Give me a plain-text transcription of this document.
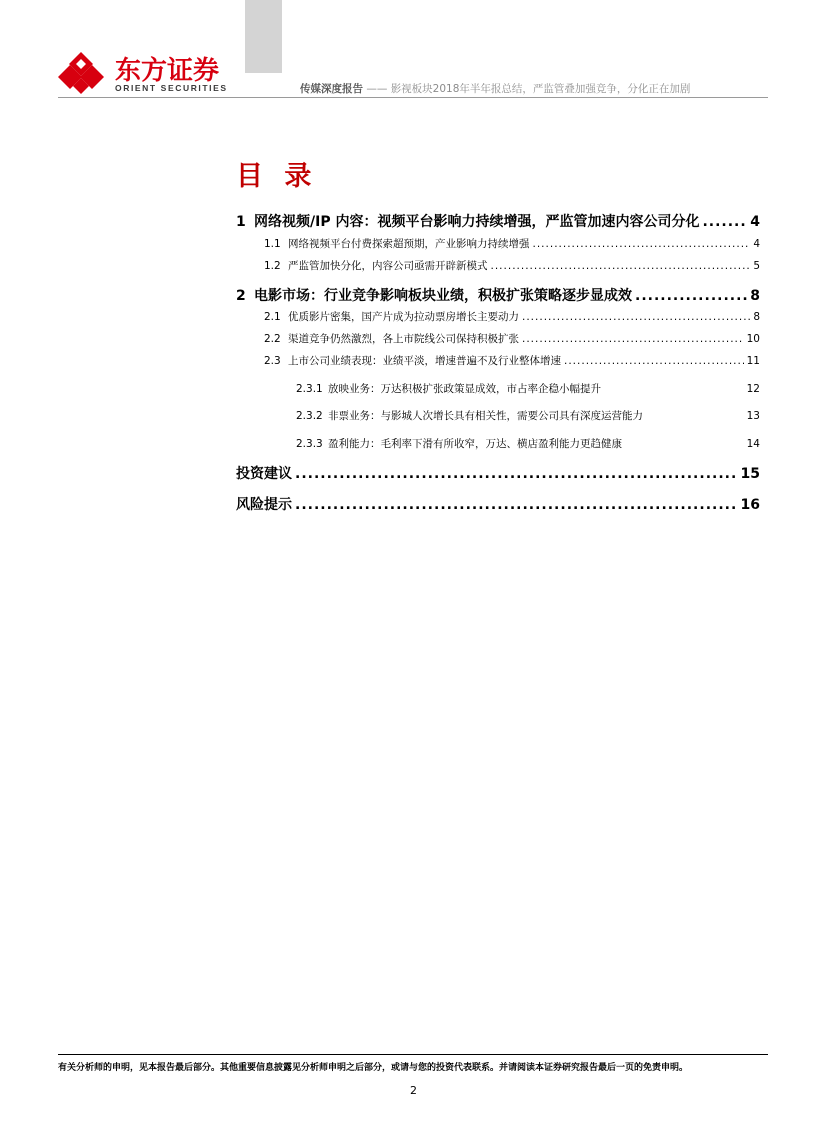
东方证券
ORIENT SECURITIES	传媒深度报告 —— 影视板块2018年半年报总结，严监管叠加强竞争，分化正在加剧
目 录
1 网络视频/IP 内容：视频平台影响力持续增强，严监管加速内容公司分化 .....	4
1.1 网络视频平台付费探索超预期，产业影响力持续增强 .....	4
1.2 严监管加快分化，内容公司亟需开辟新模式 .....	5
2 电影市场：行业竞争影响板块业绩，积极扩张策略逐步显成效 .....	8
2.1 优质影片密集，国产片成为拉动票房增长主要动力 .....	8
2.2 渠道竞争仍然激烈，各上市院线公司保持积极扩张 .....	10
2.3 上市公司业绩表现：业绩平淡，增速普遍不及行业整体增速 .....	11
2.3.1 放映业务：万达积极扩张政策显成效，市占率企稳小幅提升	12
2.3.2 非票业务：与影城人次增长具有相关性，需要公司具有深度运营能力	13
2.3.3 盈利能力：毛利率下滑有所收窄，万达、横店盈利能力更趋健康	14
投资建议 .....	15
风险提示 .....	16
有关分析师的申明，见本报告最后部分。其他重要信息披露见分析师申明之后部分，或请与您的投资代表联系。并请阅读本证券研究报告最后一页的免责申明。
2
